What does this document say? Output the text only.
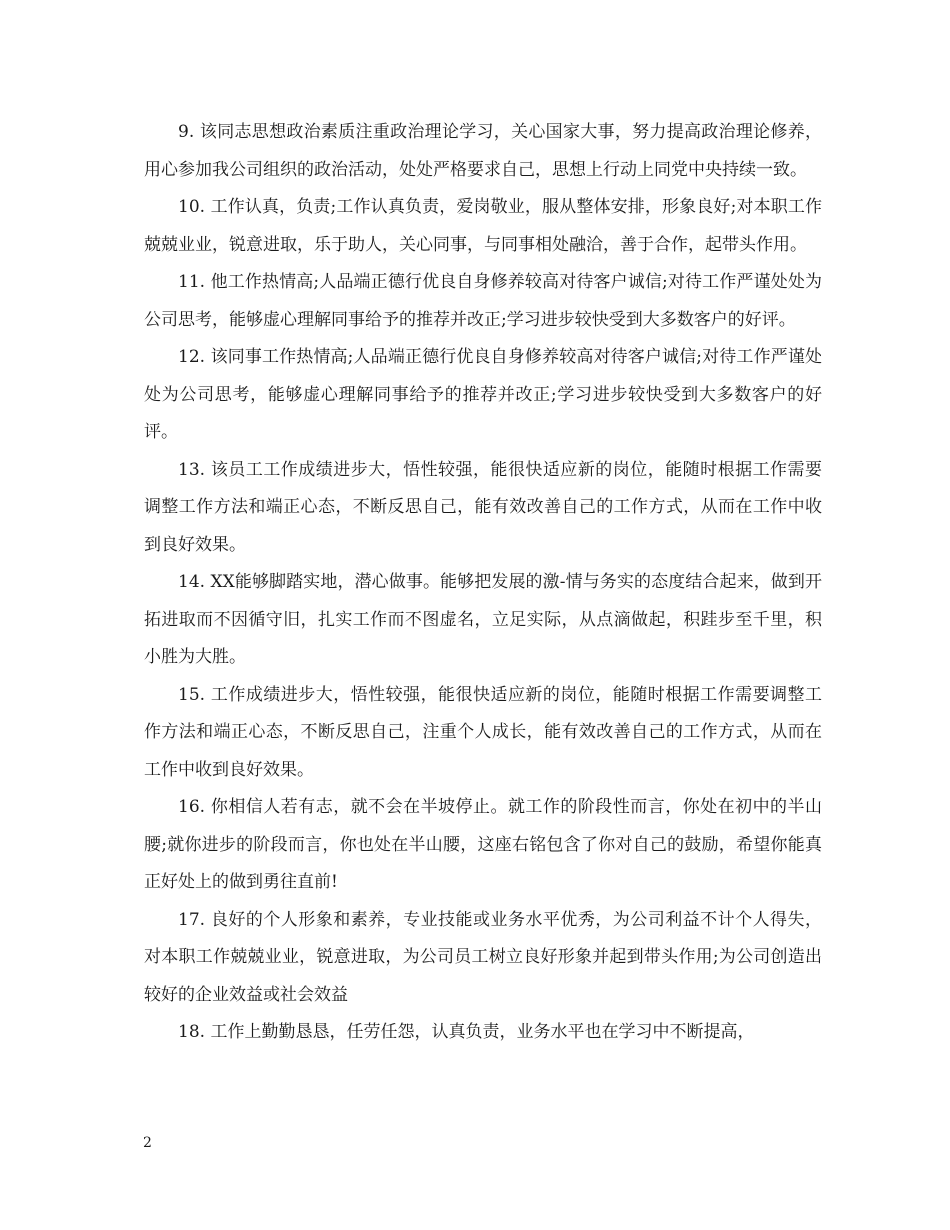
9. 该同志思想政治素质注重政治理论学习，关心国家大事，努力提高政治理论修养，用心参加我公司组织的政治活动，处处严格要求自己，思想上行动上同党中央持续一致。

10. 工作认真，负责;工作认真负责，爱岗敬业，服从整体安排，形象良好;对本职工作兢兢业业，锐意进取，乐于助人，关心同事，与同事相处融洽，善于合作，起带头作用。

11. 他工作热情高;人品端正德行优良自身修养较高对待客户诚信;对待工作严谨处处为公司思考，能够虚心理解同事给予的推荐并改正;学习进步较快受到大多数客户的好评。

12. 该同事工作热情高;人品端正德行优良自身修养较高对待客户诚信;对待工作严谨处处为公司思考，能够虚心理解同事给予的推荐并改正;学习进步较快受到大多数客户的好评。

13. 该员工工作成绩进步大，悟性较强，能很快适应新的岗位，能随时根据工作需要调整工作方法和端正心态，不断反思自己，能有效改善自己的工作方式，从而在工作中收到良好效果。

14. XX能够脚踏实地，潜心做事。能够把发展的激-情与务实的态度结合起来，做到开拓进取而不因循守旧，扎实工作而不图虚名，立足实际，从点滴做起，积跬步至千里，积小胜为大胜。

15. 工作成绩进步大，悟性较强，能很快适应新的岗位，能随时根据工作需要调整工作方法和端正心态，不断反思自己，注重个人成长，能有效改善自己的工作方式，从而在工作中收到良好效果。

16. 你相信人若有志，就不会在半坡停止。就工作的阶段性而言，你处在初中的半山腰;就你进步的阶段而言，你也处在半山腰，这座右铭包含了你对自己的鼓励，希望你能真正好处上的做到勇往直前!

17. 良好的个人形象和素养，专业技能或业务水平优秀，为公司利益不计个人得失，对本职工作兢兢业业，锐意进取，为公司员工树立良好形象并起到带头作用;为公司创造出较好的企业效益或社会效益

18. 工作上勤勤恳恳，任劳任怨，认真负责，业务水平也在学习中不断提高，

2
